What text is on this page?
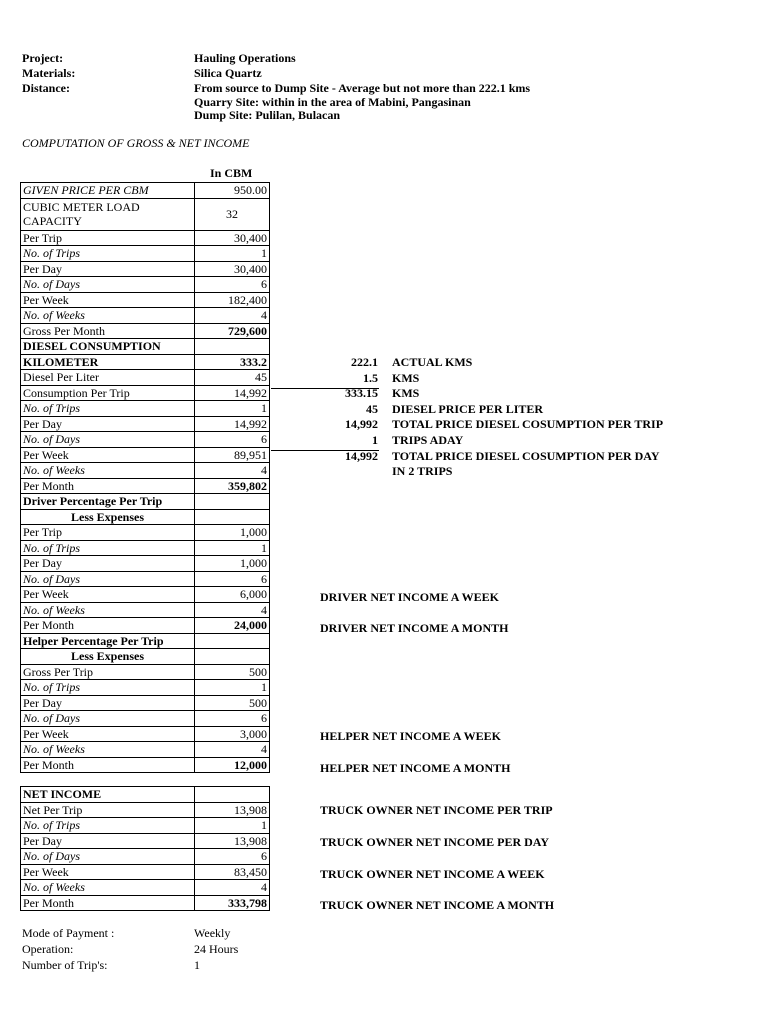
Project:	Hauling Operations
Materials:	Silica Quartz
Distance:	From source to Dump Site - Average but not more than 222.1 kms
Quarry Site: within in the area of Mabini, Pangasinan
Dump Site: Pulilan, Bulacan
COMPUTATION OF GROSS & NET INCOME
In CBM
GIVEN PRICE PER CBM	950.00
CUBIC METER LOAD CAPACITY	32
Per Trip	30,400
No. of Trips	1
Per Day	30,400
No. of Days	6
Per Week	182,400
No. of Weeks	4
Gross Per Month	729,600
DIESEL CONSUMPTION	
KILOMETER	333.2
Diesel Per Liter	45
Consumption Per Trip	14,992
No. of Trips	1
Per Day	14,992
No. of Days	6
Per Week	89,951
No. of Weeks	4
Per Month	359,802
Driver Percentage Per Trip	
Less Expenses	
Per Trip	1,000
No. of Trips	1
Per Day	1,000
No. of Days	6
Per Week	6,000
No. of Weeks	4
Per Month	24,000
Helper Percentage Per Trip	
Less Expenses	
Gross Per Trip	500
No. of Trips	1
Per Day	500
No. of Days	6
Per Week	3,000
No. of Weeks	4
Per Month	12,000
NET INCOME	
Net Per Trip	13,908
No. of Trips	1
Per Day	13,908
No. of Days	6
Per Week	83,450
No. of Weeks	4
Per Month	333,798
222.1 ACTUAL KMS
1.5 KMS
333.15 KMS
45 DIESEL PRICE PER LITER
14,992 TOTAL PRICE DIESEL COSUMPTION PER TRIP
1 TRIPS ADAY
14,992 TOTAL PRICE DIESEL COSUMPTION PER DAY
IN 2 TRIPS
DRIVER NET INCOME A WEEK
DRIVER NET INCOME A MONTH
HELPER NET INCOME A WEEK
HELPER NET INCOME A MONTH
TRUCK OWNER NET INCOME PER TRIP
TRUCK OWNER NET INCOME PER DAY
TRUCK OWNER NET INCOME A WEEK
TRUCK OWNER NET INCOME A MONTH
Mode of Payment :	Weekly
Operation:	24 Hours
Number of Trip's:	1
